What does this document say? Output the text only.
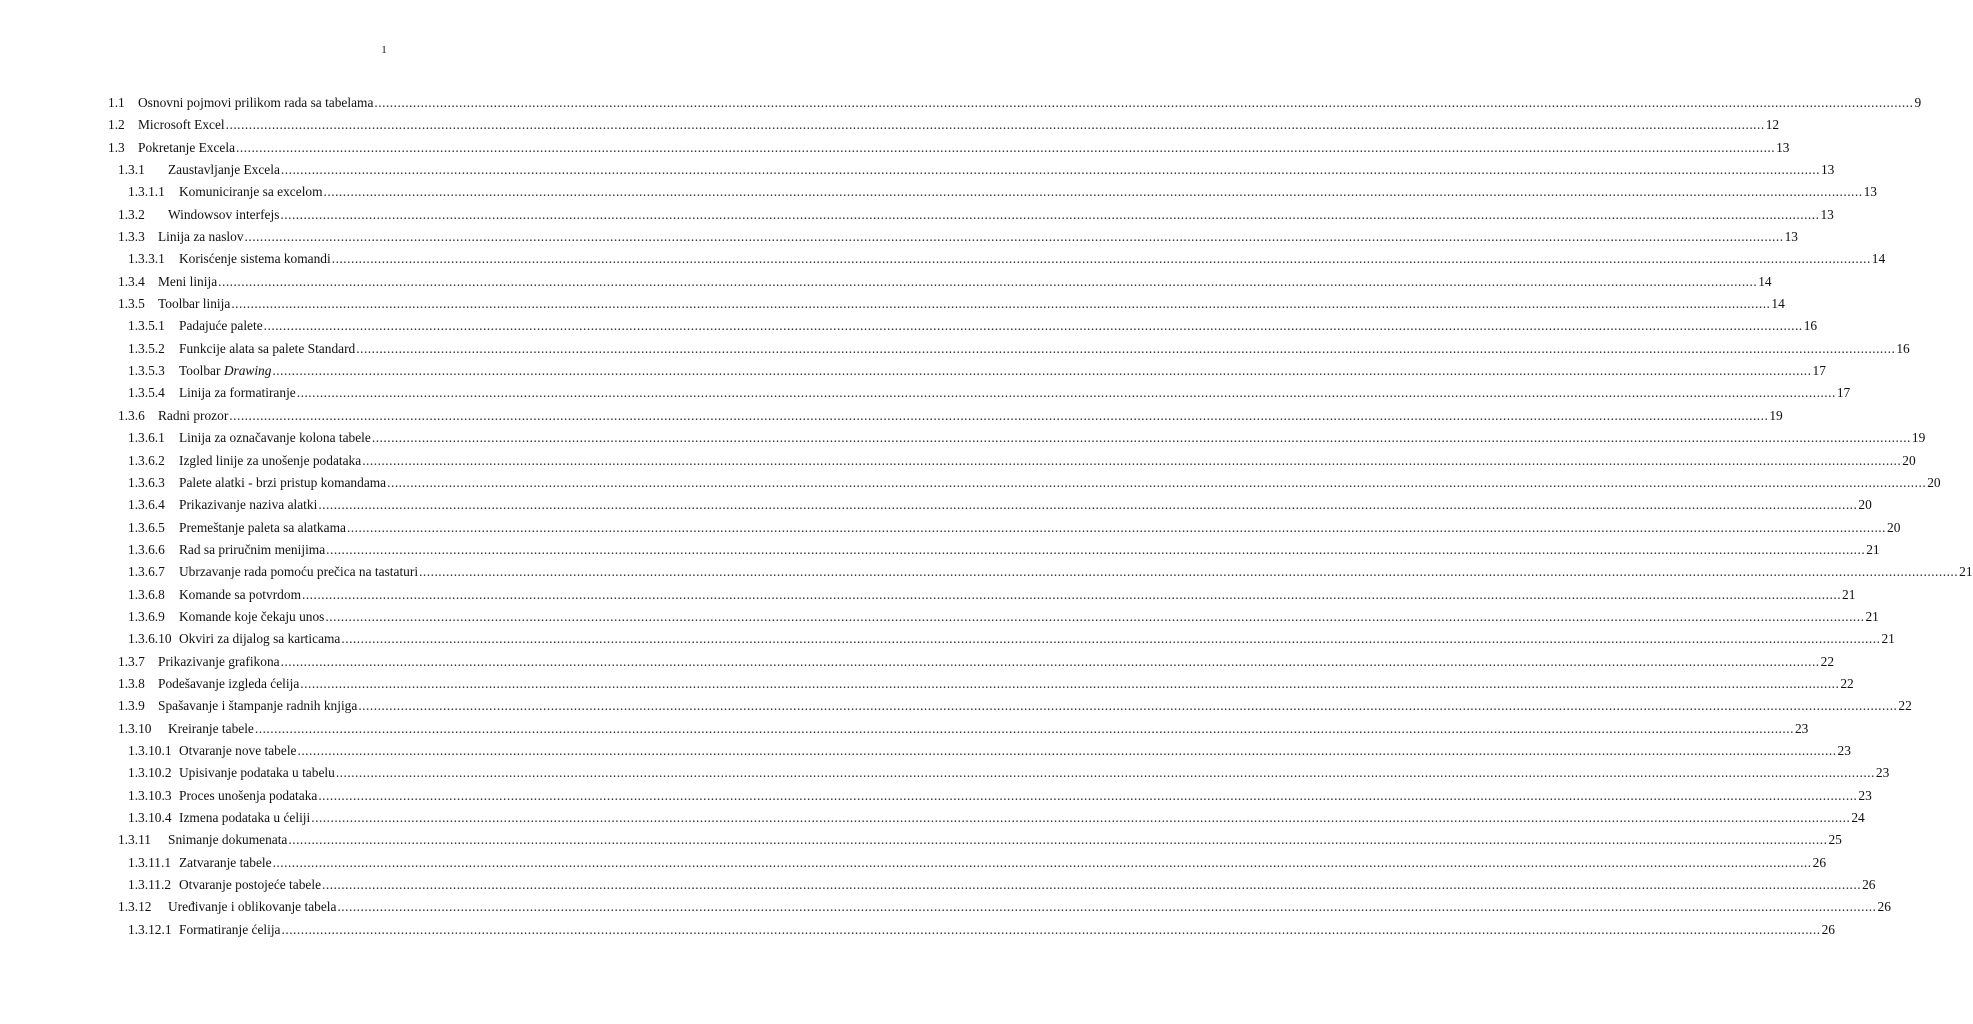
1
1.1 Osnovni pojmovi prilikom rada sa tabelama ................................................................................................................................................................................................................................................................................................................................................................................................................ 9
1.2 Microsoft Excel ................................................................................................................................................................................................................................................................................................................................................................................................................ 12
1.3 Pokretanje Excela ................................................................................................................................................................................................................................................................................................................................................................................................................ 13
1.3.1 Zaustavljanje Excela ................................................................................................................................................................................................................................................................................................................................................................................................................ 13
1.3.1.1 Komuniciranje sa excelom ................................................................................................................................................................................................................................................................................................................................................................................................................ 13
1.3.2 Windowsov interfejs ................................................................................................................................................................................................................................................................................................................................................................................................................ 13
1.3.3 Linija za naslov ................................................................................................................................................................................................................................................................................................................................................................................................................ 13
1.3.3.1 Korisćenje sistema komandi ................................................................................................................................................................................................................................................................................................................................................................................................................ 14
1.3.4 Meni linija ................................................................................................................................................................................................................................................................................................................................................................................................................ 14
1.3.5 Toolbar linija ................................................................................................................................................................................................................................................................................................................................................................................................................ 14
1.3.5.1 Padajuće palete ................................................................................................................................................................................................................................................................................................................................................................................................................ 16
1.3.5.2 Funkcije alata sa palete Standard ................................................................................................................................................................................................................................................................................................................................................................................................................ 16
1.3.5.3 Toolbar Drawing ................................................................................................................................................................................................................................................................................................................................................................................................................ 17
1.3.5.4 Linija za formatiranje ................................................................................................................................................................................................................................................................................................................................................................................................................ 17
1.3.6 Radni prozor ................................................................................................................................................................................................................................................................................................................................................................................................................ 19
1.3.6.1 Linija za označavanje kolona tabele ................................................................................................................................................................................................................................................................................................................................................................................................................ 19
1.3.6.2 Izgled linije za unošenje podataka ................................................................................................................................................................................................................................................................................................................................................................................................................ 20
1.3.6.3 Palete alatki - brzi pristup komandama ................................................................................................................................................................................................................................................................................................................................................................................................................ 20
1.3.6.4 Prikazivanje naziva alatki ................................................................................................................................................................................................................................................................................................................................................................................................................ 20
1.3.6.5 Premeštanje paleta sa alatkama ................................................................................................................................................................................................................................................................................................................................................................................................................ 20
1.3.6.6 Rad sa priručnim menijima ................................................................................................................................................................................................................................................................................................................................................................................................................ 21
1.3.6.7 Ubrzavanje rada pomoću prečica na tastaturi ................................................................................................................................................................................................................................................................................................................................................................................................................ 21
1.3.6.8 Komande sa potvrdom ................................................................................................................................................................................................................................................................................................................................................................................................................ 21
1.3.6.9 Komande koje čekaju unos ................................................................................................................................................................................................................................................................................................................................................................................................................ 21
1.3.6.10 Okviri za dijalog sa karticama ................................................................................................................................................................................................................................................................................................................................................................................................................ 21
1.3.7 Prikazivanje grafikona ................................................................................................................................................................................................................................................................................................................................................................................................................ 22
1.3.8 Podešavanje izgleda ćelija ................................................................................................................................................................................................................................................................................................................................................................................................................ 22
1.3.9 Spašavanje i štampanje radnih knjiga ................................................................................................................................................................................................................................................................................................................................................................................................................ 22
1.3.10 Kreiranje tabele ................................................................................................................................................................................................................................................................................................................................................................................................................ 23
1.3.10.1 Otvaranje nove tabele ................................................................................................................................................................................................................................................................................................................................................................................................................ 23
1.3.10.2 Upisivanje podataka u tabelu ................................................................................................................................................................................................................................................................................................................................................................................................................ 23
1.3.10.3 Proces unošenja podataka ................................................................................................................................................................................................................................................................................................................................................................................................................ 23
1.3.10.4 Izmena podataka u ćeliji ................................................................................................................................................................................................................................................................................................................................................................................................................ 24
1.3.11 Snimanje dokumenata ................................................................................................................................................................................................................................................................................................................................................................................................................ 25
1.3.11.1 Zatvaranje tabele ................................................................................................................................................................................................................................................................................................................................................................................................................ 26
1.3.11.2 Otvaranje postojeće tabele ................................................................................................................................................................................................................................................................................................................................................................................................................ 26
1.3.12 Uređivanje i oblikovanje tabela ................................................................................................................................................................................................................................................................................................................................................................................................................ 26
1.3.12.1 Formatiranje ćelija ................................................................................................................................................................................................................................................................................................................................................................................................................ 26
